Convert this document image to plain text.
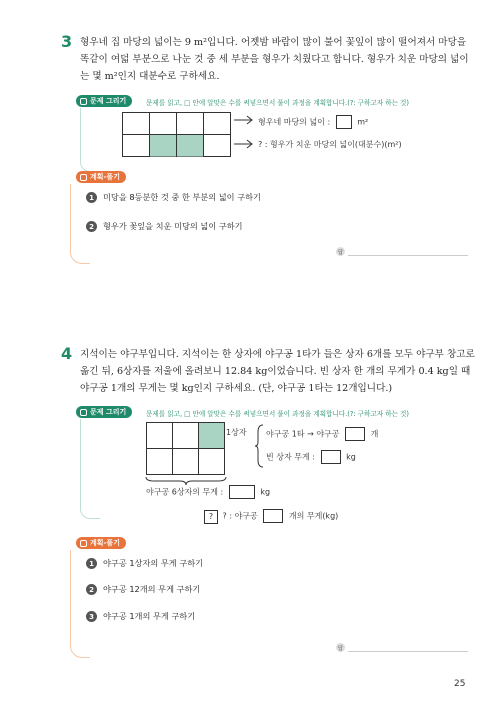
3 형우네 집 마당의 넓이는 9 m²입니다. 어젯밤 바람이 많이 불어 꽃잎이 많이 떨어져서 마당을 똑같이 여덟 부분으로 나눈 것 중 세 부분을 형우가 치웠다고 합니다. 형우가 치운 마당의 넓이는 몇 m²인지 대분수로 구하세요.
문제 그리기	문제를 읽고, □ 안에 알맞은 수를 써넣으면서 풀이 과정을 계획합니다.(?: 구하고자 하는 것)
형우네 마당의 넓이 :	m²
? : 형우가 치운 마당의 넓이(대분수)(m²)
계획-풀기
1	미당을 8등분한 것 중 한 부분의 넓이 구하기
2	형우가 꽃잎을 치운 미당의 넓이 구하기
답
4 지석이는 야구부입니다. 지석이는 한 상자에 야구공 1타가 들은 상자 6개를 모두 야구부 창고로 옮긴 뒤, 6상자를 저울에 올려보니 12.84 kg이었습니다. 빈 상자 한 개의 무게가 0.4 kg일 때 야구공 1개의 무게는 몇 kg인지 구하세요. (단, 야구공 1타는 12개입니다.)
문제 그리기	문제를 읽고, □ 안에 알맞은 수를 써넣으면서 풀이 과정을 계획합니다.(?: 구하고자 하는 것)
1상자 야구공 1타 → 야구공	개
빈 상자 무게 :	kg
야구공 6상자의 무게 :	kg
? ? : 야구공	개의 무게(kg)
계획-풀기
1	야구공 1상자의 무게 구하기
2	야구공 12개의 무게 구하기
3	야구공 1개의 무게 구하기
답
25
